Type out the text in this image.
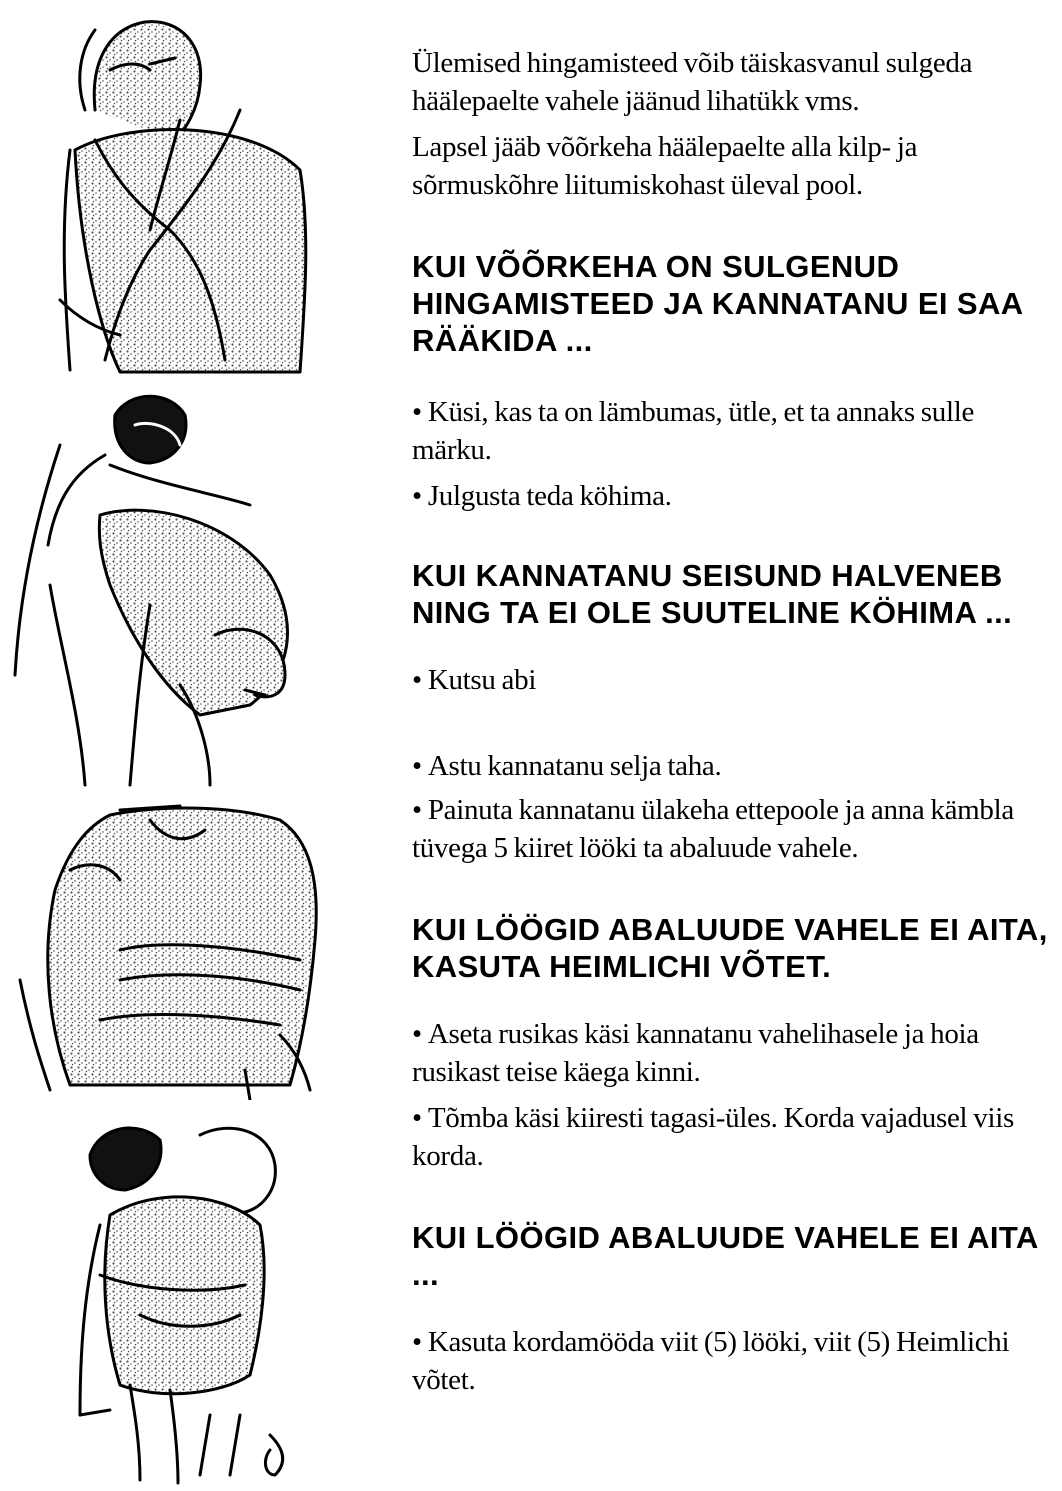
Ülemised hingamisteed võib täiskasvanul sulgeda häälepaelte vahele jäänud lihatükk vms.

Lapsel jääb võõrkeha häälepaelte alla kilp- ja sõrmuskõhre liitumiskohast üleval pool.

KUI VÕÕRKEHA ON SULGENUD HINGAMISTEED JA KANNATANU EI SAA RÄÄKIDA ...

• Küsi, kas ta on lämbumas, ütle, et ta annaks sulle märku.

• Julgusta teda köhima.

KUI KANNATANU SEISUND HALVENEB NING TA EI OLE SUUTELINE KÖHIMA ...

• Kutsu abi

• Astu kannatanu selja taha.

• Painuta kannatanu ülakeha ettepoole ja anna kämbla tüvega 5 kiiret lööki ta abaluude vahele.

KUI LÖÖGID ABALUUDE VAHELE EI AITA, KASUTA HEIMLICHI VÕTET.

• Aseta rusikas käsi kannatanu vahelihasele ja hoia rusikast teise käega kinni.

• Tõmba käsi kiiresti tagasi-üles. Korda vajadusel viis korda.

KUI LÖÖGID ABALUUDE VAHELE EI AITA ...

• Kasuta kordamööda viit (5) lööki, viit (5) Heimlichi võtet.
